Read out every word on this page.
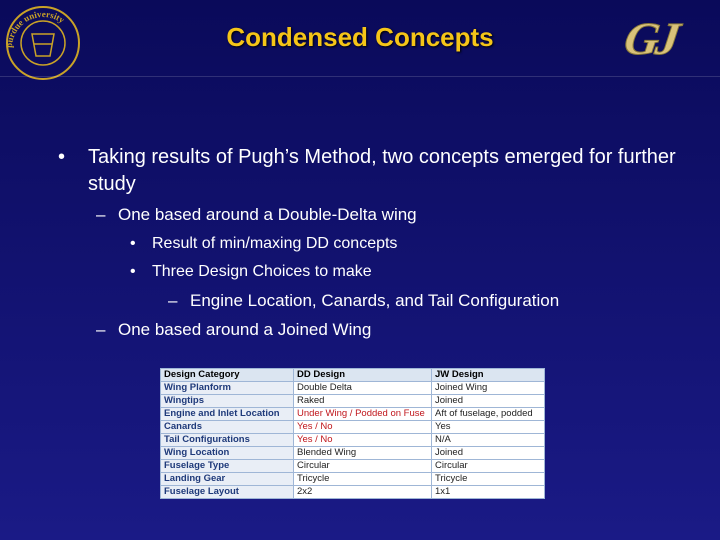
purdue university	GJ
Condensed Concepts
• Taking results of Pugh’s Method, two concepts emerged for further study
– One based around a Double-Delta wing
• Result of min/maxing DD concepts
• Three Design Choices to make
– Engine Location, Canards, and Tail Configuration
– One based around a Joined Wing
Design Category	DD Design	JW Design
Wing Planform	Double Delta	Joined Wing
Wingtips	Raked	Joined
Engine and Inlet Location	Under Wing / Podded on Fuse	Aft of fuselage, podded
Canards	Yes / No	Yes
Tail Configurations	Yes / No	N/A
Wing Location	Blended Wing	Joined
Fuselage Type	Circular	Circular
Landing Gear	Tricycle	Tricycle
Fuselage Layout	2x2	1x1
